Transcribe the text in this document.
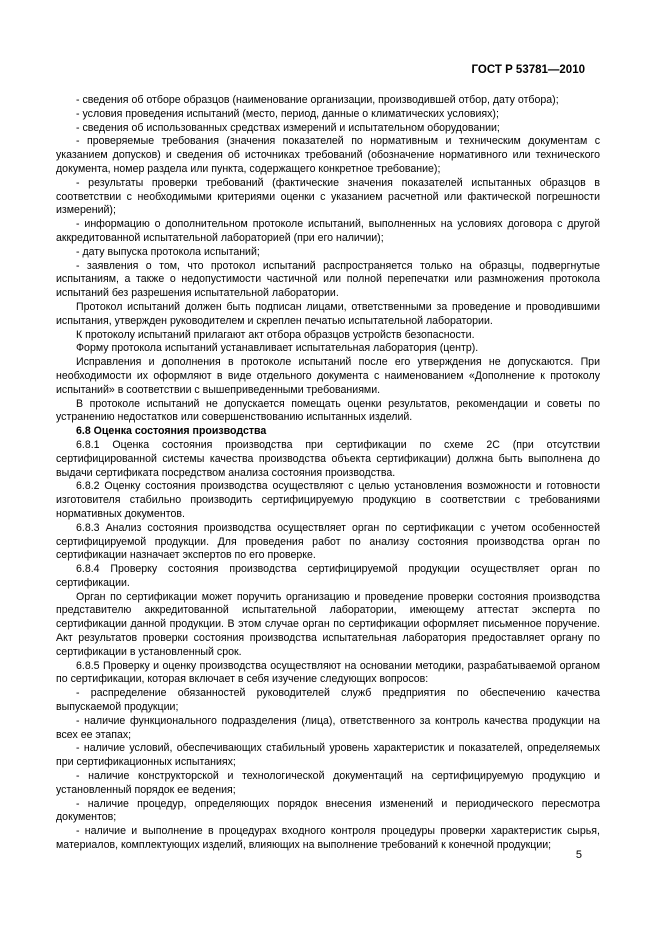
ГОСТ Р 53781—2010

- сведения об отборе образцов (наименование организации, производившей отбор, дату отбора);

- условия проведения испытаний (место, период, данные о климатических условиях);

- сведения об использованных средствах измерений и испытательном оборудовании;

- проверяемые требования (значения показателей по нормативным и техническим документам с указанием допусков) и сведения об источниках требований (обозначение нормативного или технического документа, номер раздела или пункта, содержащего конкретное требование);

- результаты проверки требований (фактические значения показателей испытанных образцов в соответствии с необходимыми критериями оценки с указанием расчетной или фактической погрешности измерений);

- информацию о дополнительном протоколе испытаний, выполненных на условиях договора с другой аккредитованной испытательной лабораторией (при его наличии);

- дату выпуска протокола испытаний;

- заявления о том, что протокол испытаний распространяется только на образцы, подвергнутые испытаниям, а также о недопустимости частичной или полной перепечатки или размножения протокола испытаний без разрешения испытательной лаборатории.

Протокол испытаний должен быть подписан лицами, ответственными за проведение и проводившими испытания, утвержден руководителем и скреплен печатью испытательной лаборатории.

К протоколу испытаний прилагают акт отбора образцов устройств безопасности.

Форму протокола испытаний устанавливает испытательная лаборатория (центр).

Исправления и дополнения в протоколе испытаний после его утверждения не допускаются. При необходимости их оформляют в виде отдельного документа с наименованием «Дополнение к протоколу испытаний» в соответствии с вышеприведенными требованиями.

В протоколе испытаний не допускается помещать оценки результатов, рекомендации и советы по устранению недостатков или совершенствованию испытанных изделий.

6.8 Оценка состояния производства

6.8.1 Оценка состояния производства при сертификации по схеме 2С (при отсутствии сертифицированной системы качества производства объекта сертификации) должна быть выполнена до выдачи сертификата посредством анализа состояния производства.

6.8.2 Оценку состояния производства осуществляют с целью установления возможности и готовности изготовителя стабильно производить сертифицируемую продукцию в соответствии с требованиями нормативных документов.

6.8.3 Анализ состояния производства осуществляет орган по сертификации с учетом особенностей сертифицируемой продукции. Для проведения работ по анализу состояния производства орган по сертификации назначает экспертов по его проверке.

6.8.4 Проверку состояния производства сертифицируемой продукции осуществляет орган по сертификации.

Орган по сертификации может поручить организацию и проведение проверки состояния производства представителю аккредитованной испытательной лаборатории, имеющему аттестат эксперта по сертификации данной продукции. В этом случае орган по сертификации оформляет письменное поручение. Акт результатов проверки состояния производства испытательная лаборатория предоставляет органу по сертификации в установленный срок.

6.8.5 Проверку и оценку производства осуществляют на основании методики, разрабатываемой органом по сертификации, которая включает в себя изучение следующих вопросов:

- распределение обязанностей руководителей служб предприятия по обеспечению качества выпускаемой продукции;

- наличие функционального подразделения (лица), ответственного за контроль качества продукции на всех ее этапах;

- наличие условий, обеспечивающих стабильный уровень характеристик и показателей, определяемых при сертификационных испытаниях;

- наличие конструкторской и технологической документаций на сертифицируемую продукцию и установленный порядок ее ведения;

- наличие процедур, определяющих порядок внесения изменений и периодического пересмотра документов;

- наличие и выполнение в процедурах входного контроля процедуры проверки характеристик сырья, материалов, комплектующих изделий, влияющих на выполнение требований к конечной продукции;

5
